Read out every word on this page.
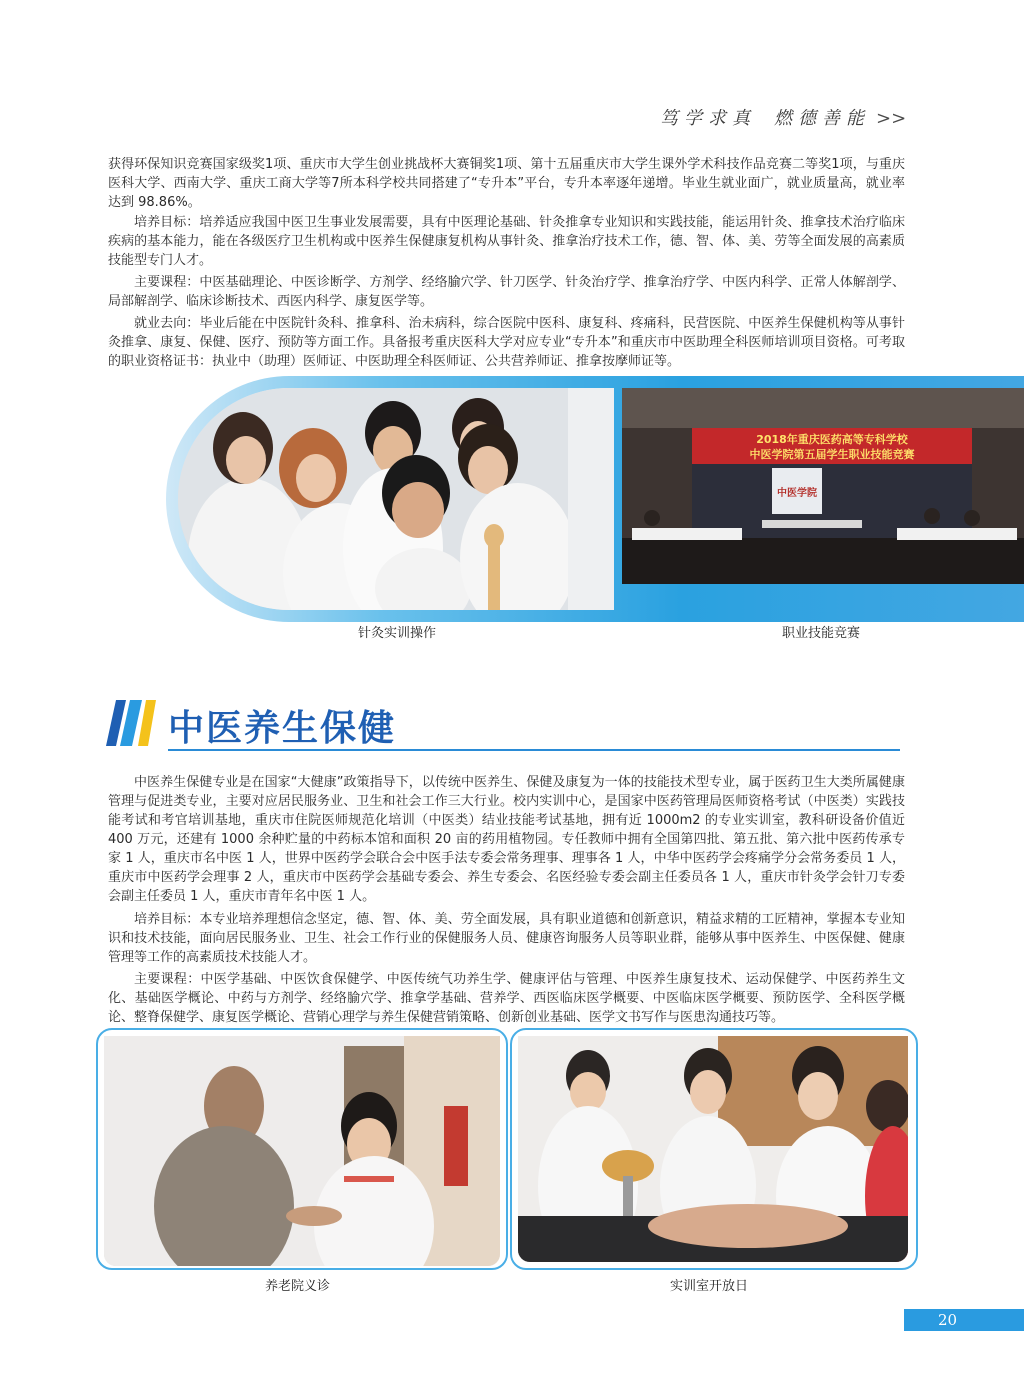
笃学求真 燃德善能 >>

获得环保知识竞赛国家级奖1项、重庆市大学生创业挑战杯大赛铜奖1项、第十五届重庆市大学生课外学术科技作品竞赛二等奖1项，与重庆医科大学、西南大学、重庆工商大学等7所本科学校共同搭建了“专升本”平台，专升本率逐年递增。毕业生就业面广，就业质量高，就业率达到 98.86%。

培养目标：培养适应我国中医卫生事业发展需要，具有中医理论基础、针灸推拿专业知识和实践技能，能运用针灸、推拿技术治疗临床疾病的基本能力，能在各级医疗卫生机构或中医养生保健康复机构从事针灸、推拿治疗技术工作，德、智、体、美、劳等全面发展的高素质技能型专门人才。

主要课程：中医基础理论、中医诊断学、方剂学、经络腧穴学、针刀医学、针灸治疗学、推拿治疗学、中医内科学、正常人体解剖学、局部解剖学、临床诊断技术、西医内科学、康复医学等。

就业去向：毕业后能在中医院针灸科、推拿科、治未病科，综合医院中医科、康复科、疼痛科，民营医院、中医养生保健机构等从事针灸推拿、康复、保健、医疗、预防等方面工作。具备报考重庆医科大学对应专业“专升本”和重庆市中医助理全科医师培训项目资格。可考取的职业资格证书：执业中（助理）医师证、中医助理全科医师证、公共营养师证、推拿按摩师证等。

2018年重庆医药高等专科学校
中医学院第五届学生职业技能竞赛
中医学院
针灸实训操作	职业技能竞赛
中医养生保健

中医养生保健专业是在国家“大健康”政策指导下，以传统中医养生、保健及康复为一体的技能技术型专业，属于医药卫生大类所属健康管理与促进类专业，主要对应居民服务业、卫生和社会工作三大行业。校内实训中心，是国家中医药管理局医师资格考试（中医类）实践技能考试和考官培训基地，重庆市住院医师规范化培训（中医类）结业技能考试基地，拥有近 1000m2 的专业实训室，教科研设备价值近 400 万元，还建有 1000 余种贮量的中药标本馆和面积 20 亩的药用植物园。专任教师中拥有全国第四批、第五批、第六批中医药传承专家 1 人，重庆市名中医 1 人，世界中医药学会联合会中医手法专委会常务理事、理事各 1 人，中华中医药学会疼痛学分会常务委员 1 人，重庆市中医药学会理事 2 人，重庆市中医药学会基础专委会、养生专委会、名医经验专委会副主任委员各 1 人，重庆市针灸学会针刀专委会副主任委员 1 人，重庆市青年名中医 1 人。

培养目标：本专业培养理想信念坚定，德、智、体、美、劳全面发展，具有职业道德和创新意识，精益求精的工匠精神，掌握本专业知识和技术技能，面向居民服务业、卫生、社会工作行业的保健服务人员、健康咨询服务人员等职业群，能够从事中医养生、中医保健、健康管理等工作的高素质技术技能人才。

主要课程：中医学基础、中医饮食保健学、中医传统气功养生学、健康评估与管理、中医养生康复技术、运动保健学、中医药养生文化、基础医学概论、中药与方剂学、经络腧穴学、推拿学基础、营养学、西医临床医学概要、中医临床医学概要、预防医学、全科医学概论、整脊保健学、康复医学概论、营销心理学与养生保健营销策略、创新创业基础、医学文书写作与医患沟通技巧等。

养老院义诊	实训室开放日
20
